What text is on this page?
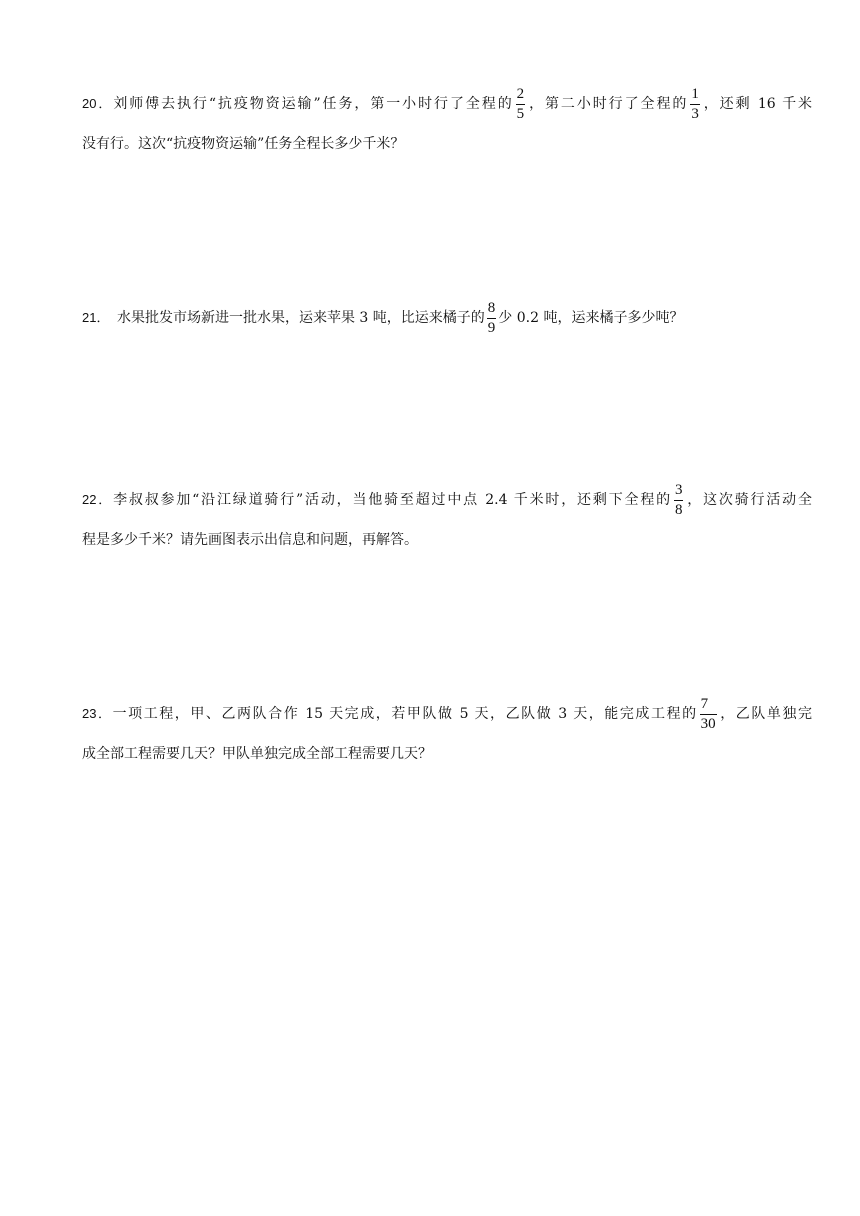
20．刘师傅去执行“抗疫物资运输”任务，第一小时行了全程的 $\frac{2}{5}$ ，第二小时行了全程的 $\frac{1}{3}$ ，还剩 16 千米
没有行。这次“抗疫物资运输”任务全程长多少千米？
21．　水果批发市场新进一批水果，运来苹果 3 吨，比运来橘子的 $\frac{8}{9}$ 少 0.2 吨，运来橘子多少吨？
22．李叔叔参加“沿江绿道骑行”活动，当他骑至超过中点 2.4 千米时，还剩下全程的 $\frac{3}{8}$ ，这次骑行活动全
程是多少千米？请先画图表示出信息和问题，再解答。
23．一项工程，甲、乙两队合作 15 天完成，若甲队做 5 天，乙队做 3 天，能完成工程的 $\frac{7}{30}$ ，乙队单独完
成全部工程需要几天？甲队单独完成全部工程需要几天？
